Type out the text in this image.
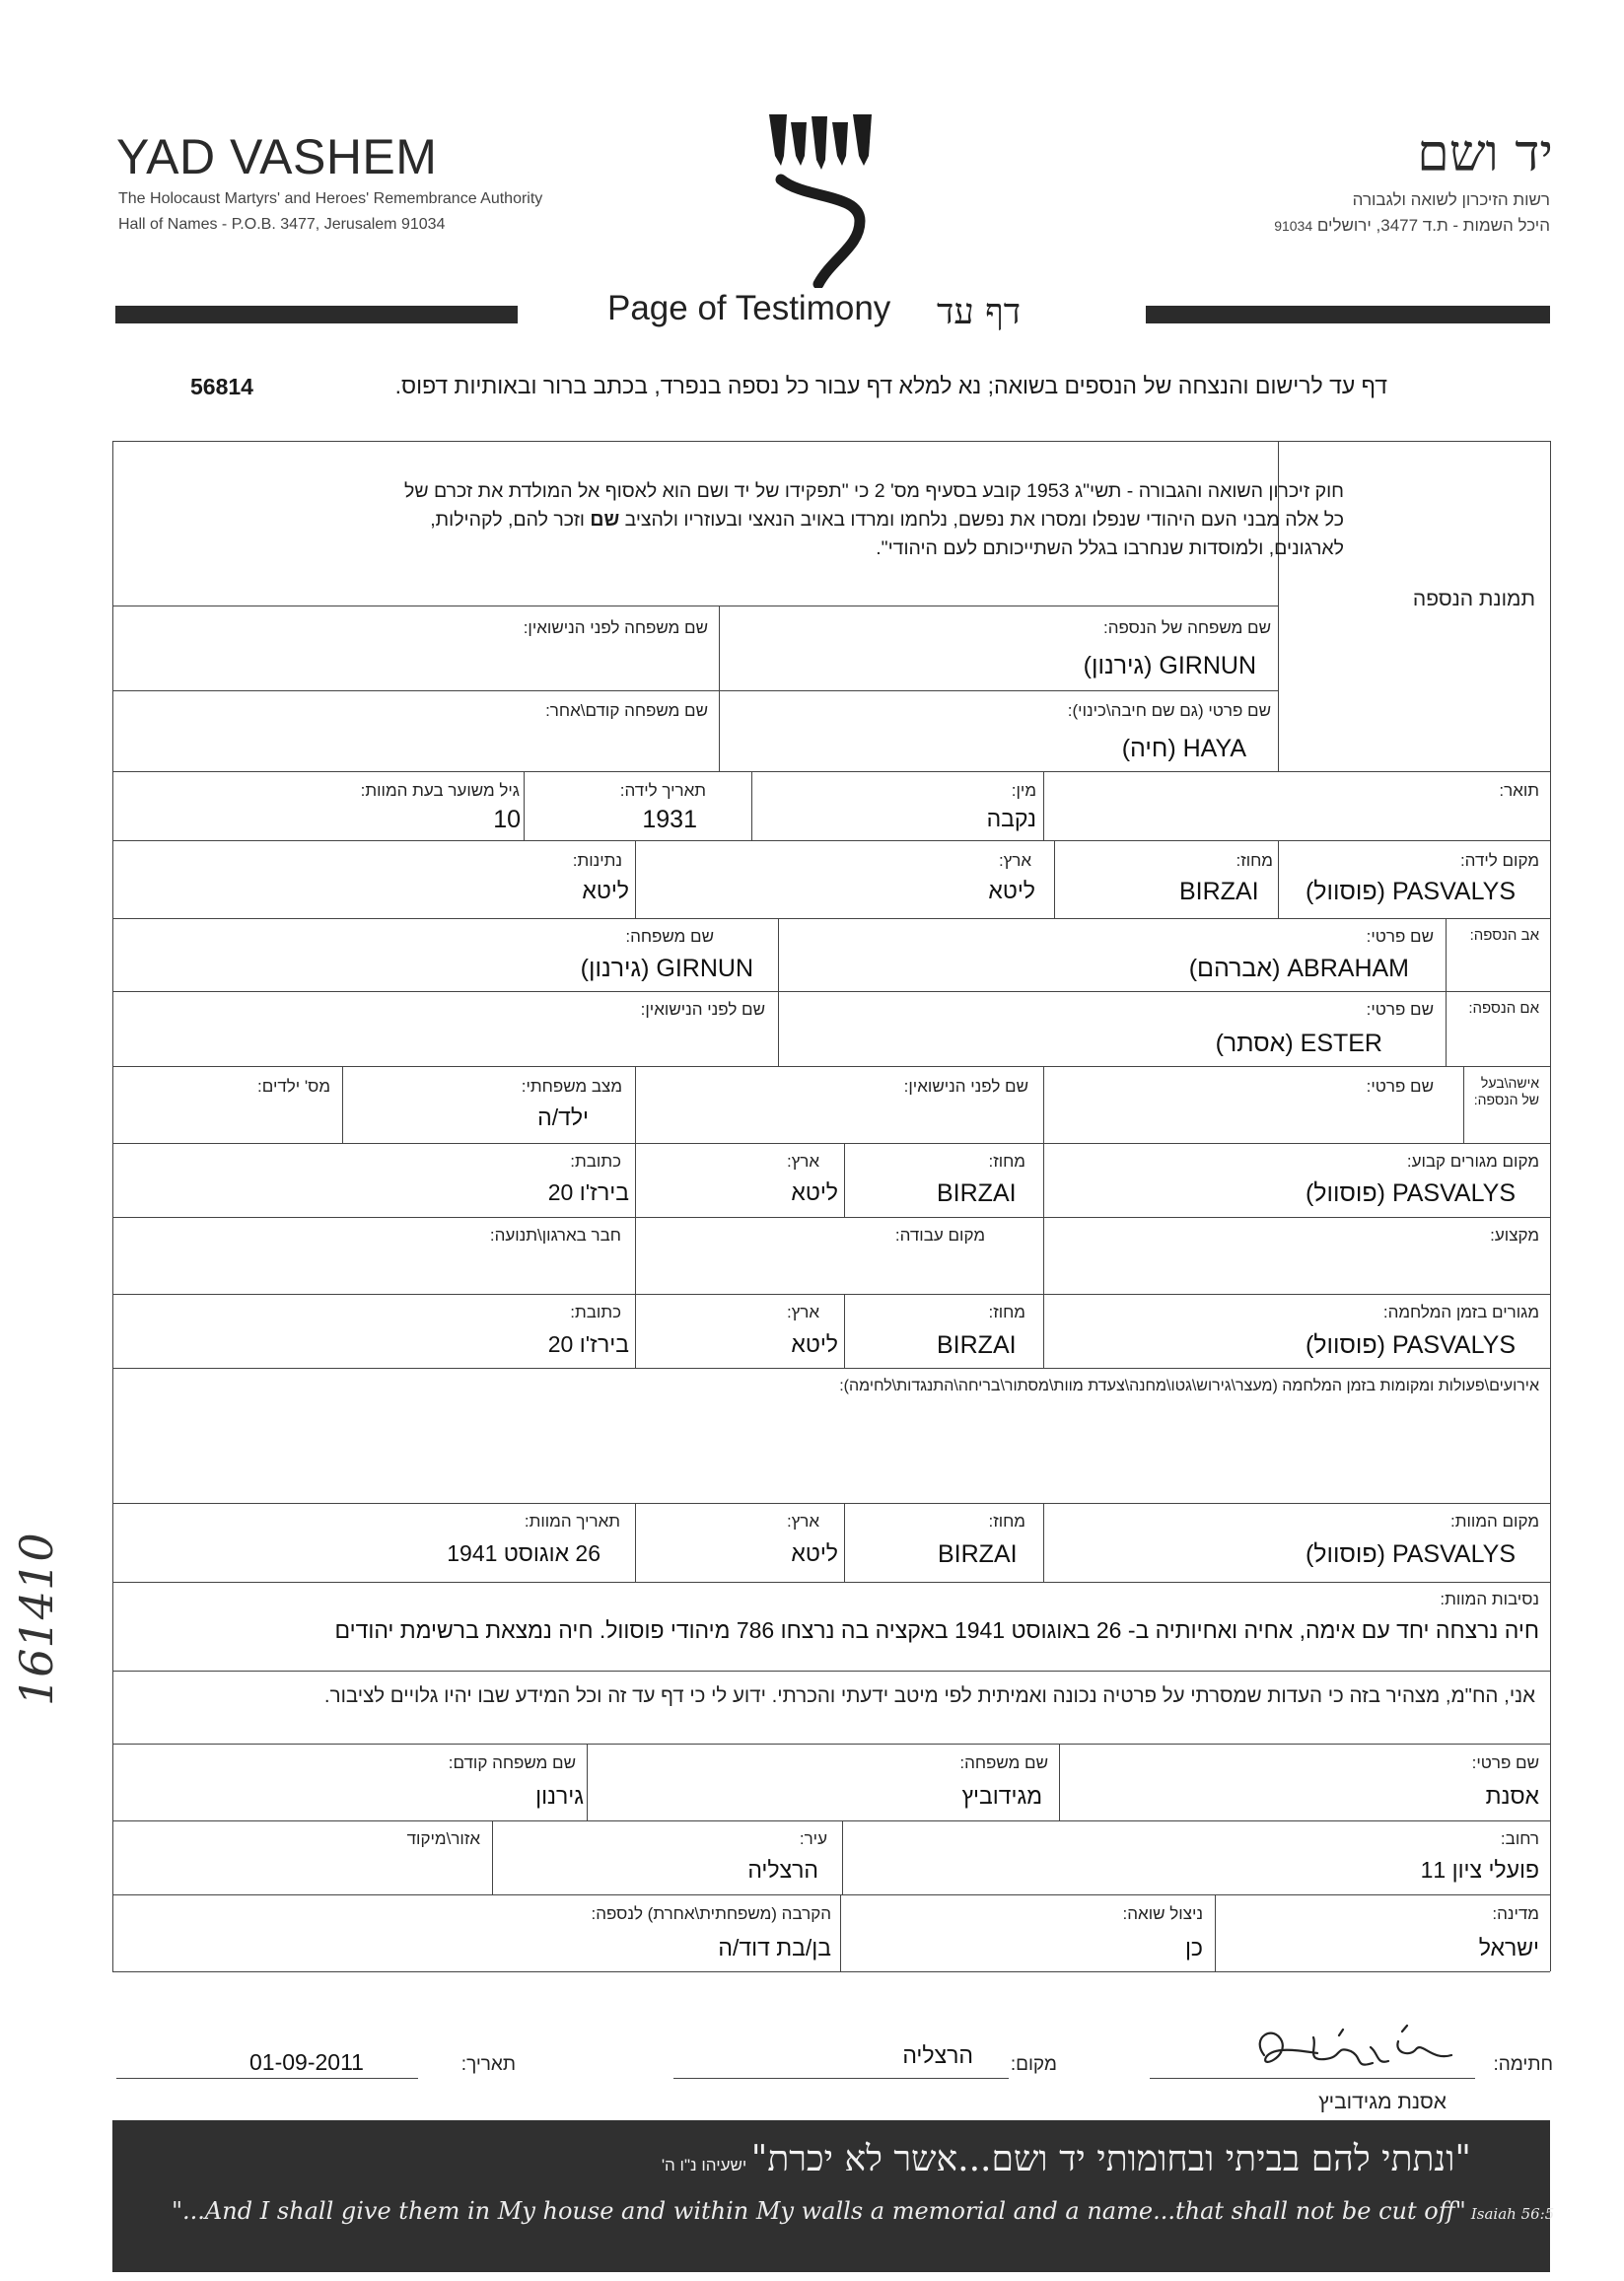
YAD VASHEM
The Holocaust Martyrs' and Heroes' Remembrance Authority
Hall of Names - P.O.B. 3477, Jerusalem 91034
יד ושם
רשות הזיכרון לשואה ולגבורה
היכל השמות - ת.ד 3477, ירושלים 91034
Page of Testimony דף עד
דף עד לרישום והנצחה של הנספים בשואה; נא למלא דף עבור כל נספה בנפרד, בכתב ברור ובאותיות דפוס.
56814
חוק זיכרון השואה והגבורה - תשי"ג 1953 קובע בסעיף מס' 2 כי "תפקידו של יד ושם הוא לאסוף אל המולדת את זכרם של
כל אלה מבני העם היהודי שנפלו ומסרו את נפשם, נלחמו ומרדו באויב הנאצי ובעוזריו ולהציב שם וזכר להם, לקהילות,
לארגונים, ולמוסדות שנחרבו בגלל השתייכותם לעם היהודי".
תמונת הנספה
שם משפחה של הנספה:
GIRNUN (גירנון)
שם משפחה לפני הנישואין:
שם פרטי (גם שם חיבה\כינוי):
HAYA (חיה)
שם משפחה קודם\אחר:
תואר:
מין:
נקבה
תאריך לידה:
1931
גיל משוער בעת המוות:
10
מקום לידה:
PASVALYS (פוסוול)
מחוז:
BIRZAI
ארץ:
ליטא
נתינות:
ליטא
אב הנספה:
שם פרטי:
ABRAHAM (אברהם)
שם משפחה:
GIRNUN (גירנון)
אם הנספה:
שם פרטי:
ESTER (אסתר)
שם לפני הנישואין:
אישה\בעל
של הנספה:
שם פרטי:
שם לפני הנישואין:
מצב משפחתי:
ילד/ה
מס' ילדים:
מקום מגורים קבוע:
PASVALYS (פוסוול)
מחוז:
BIRZAI
ארץ:
ליטא
כתובת:
בירז'ו 20
מקצוע:
מקום עבודה:
חבר בארגון\תנועה:
מגורים בזמן המלחמה:
PASVALYS (פוסוול)
מחוז:
BIRZAI
ארץ:
ליטא
כתובת:
בירז'ו 20
אירועים\פעולות ומקומות בזמן המלחמה (מעצר\גירוש\גטו\מחנה\צעדת מוות\מסתור\בריחה\התנגדות\לחימה):
מקום המוות:
PASVALYS (פוסוול)
מחוז:
BIRZAI
ארץ:
ליטא
תאריך המוות:
26 אוגוסט 1941
נסיבות המוות:
חיה נרצחה יחד עם אימה, אחיה ואחיותיה ב- 26 באוגוסט 1941 באקציה בה נרצחו 786 מיהודי פוסוול. חיה נמצאת ברשימת יהודים
אני, הח"מ, מצהיר בזה כי העדות שמסרתי על פרטיה נכונה ואמיתית לפי מיטב ידעתי והכרתי. ידוע לי כי דף עד זה וכל המידע שבו יהיו גלויים לציבור.
שם פרטי:
אסנת
שם משפחה:
מגידוביץ
שם משפחה קודם:
גירנון
רחוב:
פועלי ציון 11
עיר:
הרצליה
אזור\מיקוד
מדינה:
ישראל
ניצול שואה:
כן
הקרבה (משפחתית\אחרת) לנספה:
בן/בת דוד/ה
חתימה:
אסנת מגידוביץ
מקום:
הרצליה
תאריך:
01-09-2011
"ונתתי להם בביתי ובחומותי יד ושם...אשר לא יכרת" ישעיהו נ"ו ה'
"...And I shall give them in My house and within My walls a memorial and a name...that shall not be cut off" Isaiah 56:5
161410
